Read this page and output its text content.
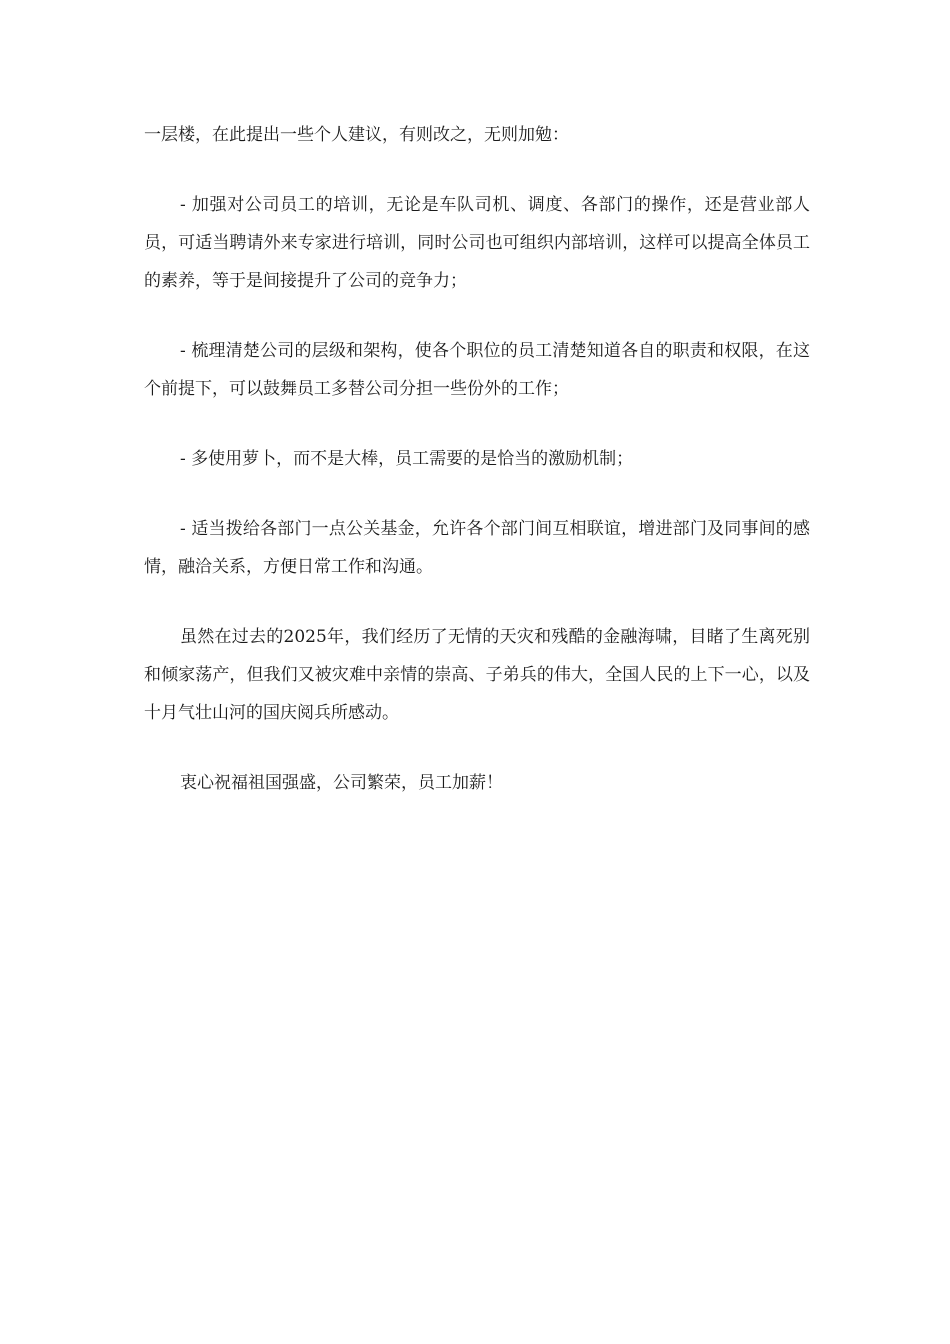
一层楼，在此提出一些个人建议，有则改之，无则加勉：

- 加强对公司员工的培训，无论是车队司机、调度、各部门的操作，还是营业部人员，可适当聘请外来专家进行培训，同时公司也可组织内部培训，这样可以提高全体员工的素养，等于是间接提升了公司的竞争力；

- 梳理清楚公司的层级和架构，使各个职位的员工清楚知道各自的职责和权限，在这个前提下，可以鼓舞员工多替公司分担一些份外的工作；

- 多使用萝卜，而不是大棒，员工需要的是恰当的激励机制；

- 适当拨给各部门一点公关基金，允许各个部门间互相联谊，增进部门及同事间的感情，融洽关系，方便日常工作和沟通。

虽然在过去的2025年，我们经历了无情的天灾和残酷的金融海啸，目睹了生离死别和倾家荡产，但我们又被灾难中亲情的崇高、子弟兵的伟大，全国人民的上下一心，以及十月气壮山河的国庆阅兵所感动。

衷心祝福祖国强盛，公司繁荣，员工加薪！
